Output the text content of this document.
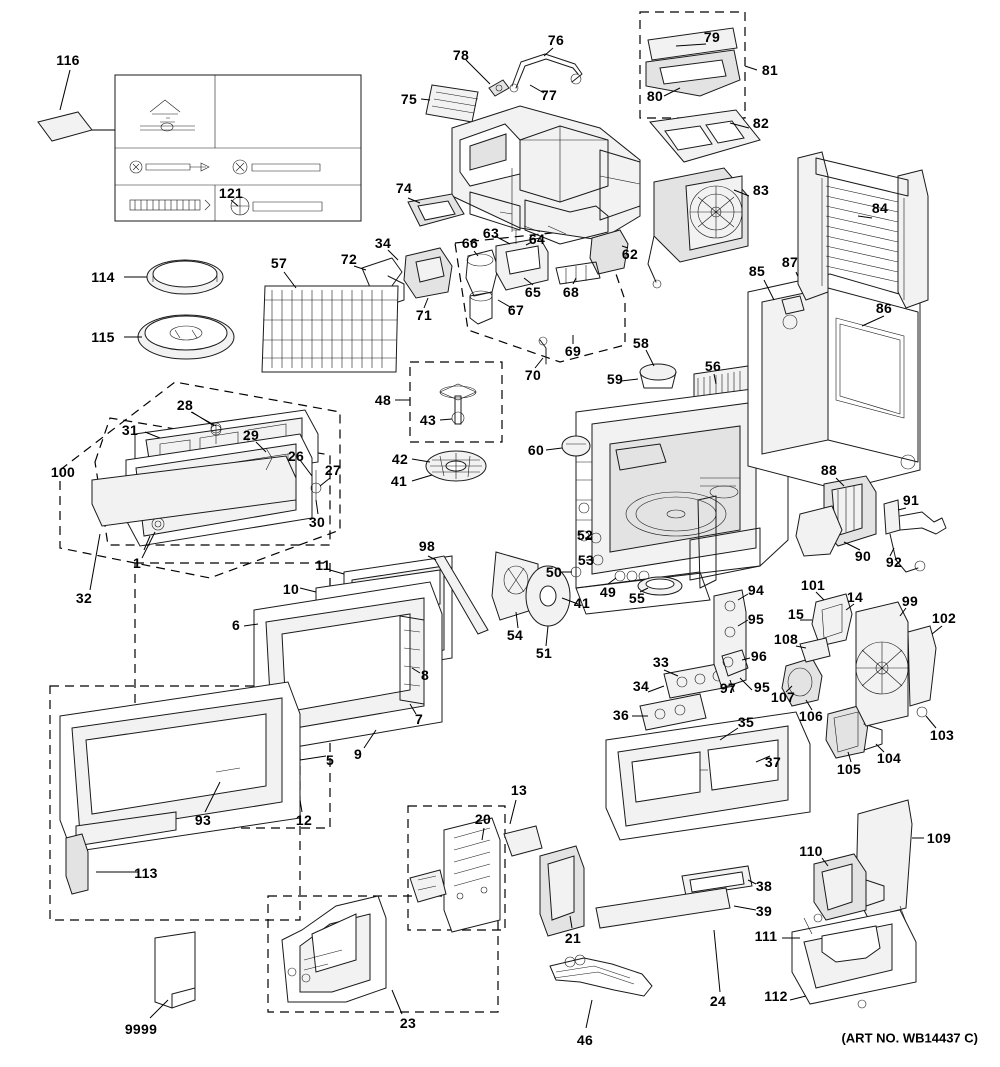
116	78
76	79
81
77
75	80
82
121	74	83
84
63 64
34	66
62
85
87
114
57	72
65 68
86
71	67
115
69	58
70
56
59
48
43
28
31	29
42
26
27
60
100
41
88
91
30
90 92
1
98
52
53
50
11
32	49	94	101
15
14	99
10
55
95	102
6
108
54
41
33	96
51
8
34	97 95
103
7
9
36	35
107
106
105
104
5	37
93	12
13
20
109
110
113
38
39
21	111
9999
24	112
23
46	(ART NO. WB14437 C)
